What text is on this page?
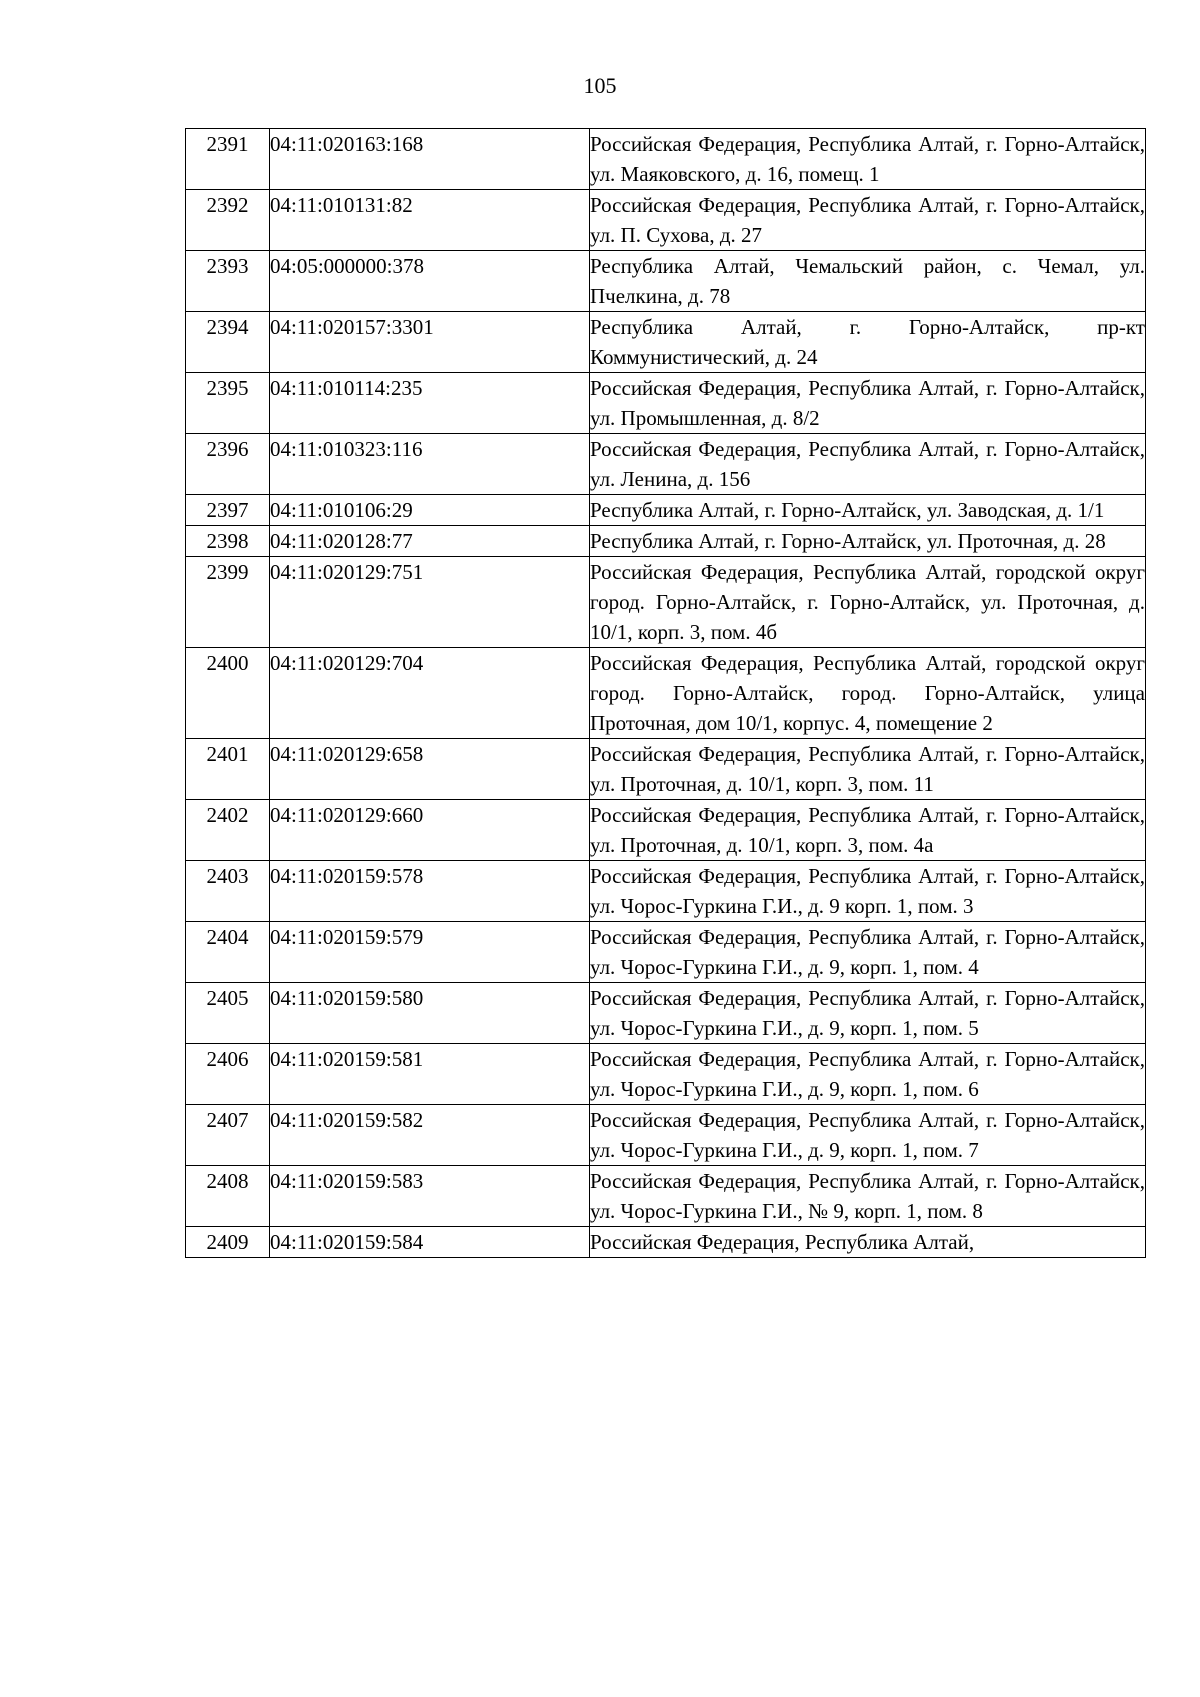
105
2391	04:11:020163:168	Российская Федерация, Республика Алтай, г. Горно-Алтайск, ул. Маяковского, д. 16, помещ. 1
2392	04:11:010131:82	Российская Федерация, Республика Алтай, г. Горно-Алтайск, ул. П. Сухова, д. 27
2393	04:05:000000:378	Республика Алтай, Чемальский район, с. Чемал, ул. Пчелкина, д. 78
2394	04:11:020157:3301	Республика Алтай, г. Горно-Алтайск, пр-кт Коммунистический, д. 24
2395	04:11:010114:235	Российская Федерация, Республика Алтай, г. Горно-Алтайск, ул. Промышленная, д. 8/2
2396	04:11:010323:116	Российская Федерация, Республика Алтай, г. Горно-Алтайск, ул. Ленина, д. 156
2397	04:11:010106:29	Республика Алтай, г. Горно-Алтайск, ул. Заводская, д. 1/1
2398	04:11:020128:77	Республика Алтай, г. Горно-Алтайск, ул. Проточная, д. 28
2399	04:11:020129:751	Российская Федерация, Республика Алтай, городской округ город. Горно-Алтайск, г. Горно-Алтайск, ул. Проточная, д. 10/1, корп. 3, пом. 4б
2400	04:11:020129:704	Российская Федерация, Республика Алтай, городской округ город. Горно-Алтайск, город. Горно-Алтайск, улица Проточная, дом 10/1, корпус. 4, помещение 2
2401	04:11:020129:658	Российская Федерация, Республика Алтай, г. Горно-Алтайск, ул. Проточная, д. 10/1, корп. 3, пом. 11
2402	04:11:020129:660	Российская Федерация, Республика Алтай, г. Горно-Алтайск, ул. Проточная, д. 10/1, корп. 3, пом. 4а
2403	04:11:020159:578	Российская Федерация, Республика Алтай, г. Горно-Алтайск, ул. Чорос-Гуркина Г.И., д. 9 корп. 1, пом. 3
2404	04:11:020159:579	Российская Федерация, Республика Алтай, г. Горно-Алтайск, ул. Чорос-Гуркина Г.И., д. 9, корп. 1, пом. 4
2405	04:11:020159:580	Российская Федерация, Республика Алтай, г. Горно-Алтайск, ул. Чорос-Гуркина Г.И., д. 9, корп. 1, пом. 5
2406	04:11:020159:581	Российская Федерация, Республика Алтай, г. Горно-Алтайск, ул. Чорос-Гуркина Г.И., д. 9, корп. 1, пом. 6
2407	04:11:020159:582	Российская Федерация, Республика Алтай, г. Горно-Алтайск, ул. Чорос-Гуркина Г.И., д. 9, корп. 1, пом. 7
2408	04:11:020159:583	Российская Федерация, Республика Алтай, г. Горно-Алтайск, ул. Чорос-Гуркина Г.И., № 9, корп. 1, пом. 8
2409	04:11:020159:584	Российская Федерация, Республика Алтай,
